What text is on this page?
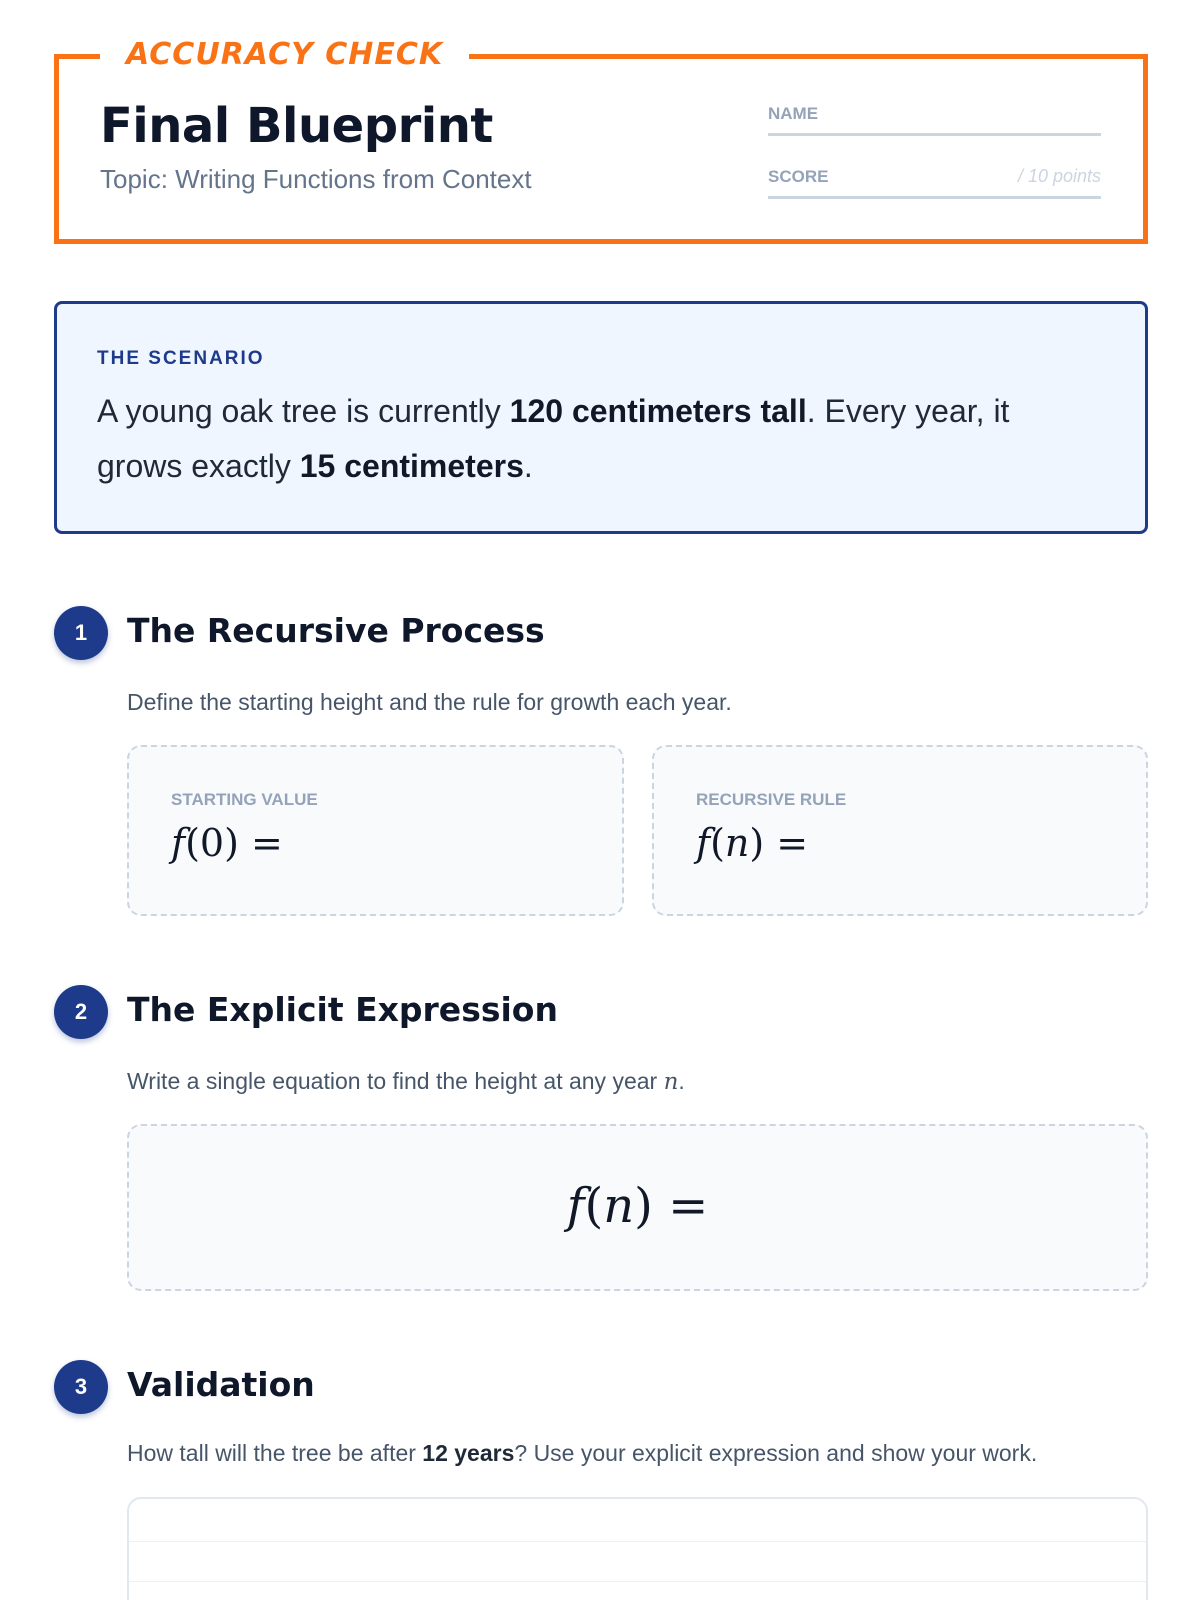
ACCURACY CHECK
Final Blueprint
Topic: Writing Functions from Context
NAME
SCORE	/ 10 points
THE SCENARIO
A young oak tree is currently 120 centimeters tall. Every year, it grows exactly 15 centimeters.
1	The Recursive Process
Define the starting height and the rule for growth each year.
STARTING VALUE
f(0) =
RECURSIVE RULE
f(n) =
2	The Explicit Expression
Write a single equation to find the height at any year n.
f(n) =
3	Validation
How tall will the tree be after 12 years? Use your explicit expression and show your work.
